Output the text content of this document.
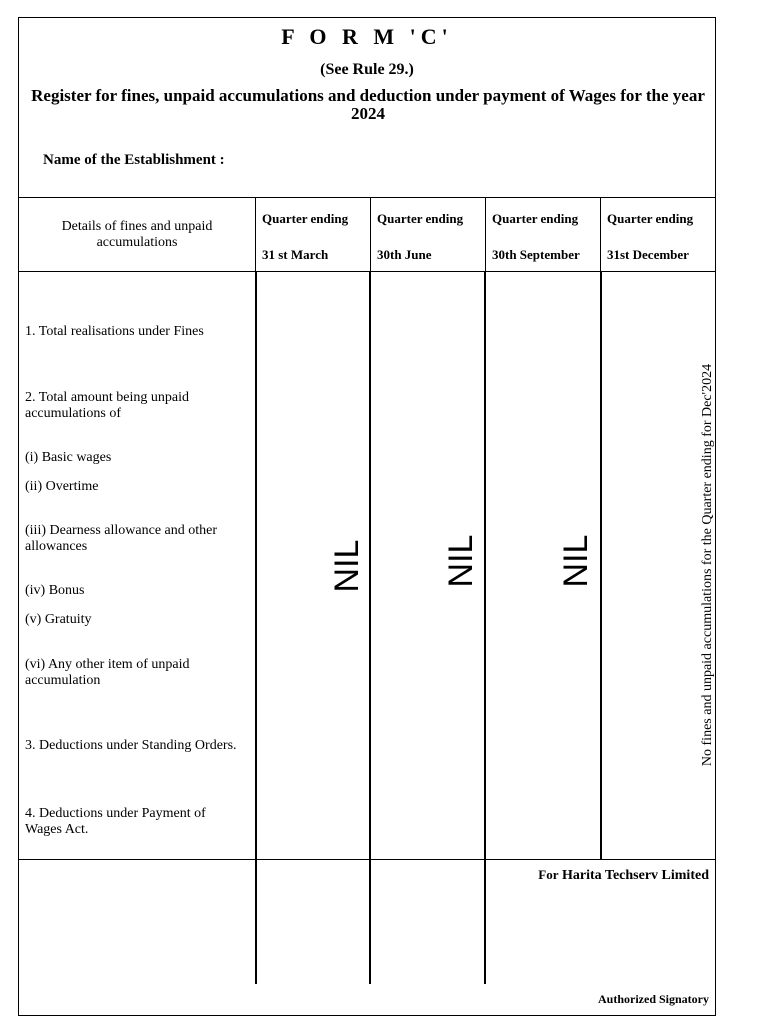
F O R M 'C'
(See Rule 29.)
Register for fines, unpaid accumulations and deduction under payment of Wages for the year 2024
Name of the Establishment :
Details of fines and unpaid accumulations
Quarter ending
31 st March
Quarter ending
30th June
Quarter ending
30th September
Quarter ending
31st December
1. Total realisations under Fines
2. Total amount being unpaid accumulations of
(i) Basic wages
(ii) Overtime
(iii) Dearness allowance and other allowances
(iv) Bonus
(v) Gratuity
(vi) Any other item of unpaid accumulation
3. Deductions under Standing Orders.
4. Deductions under Payment of Wages Act.
NIL NIL NIL	No fines and unpaid accumulations for the Quarter ending for Dec'2024
For Harita Techserv Limited
Authorized Signatory
